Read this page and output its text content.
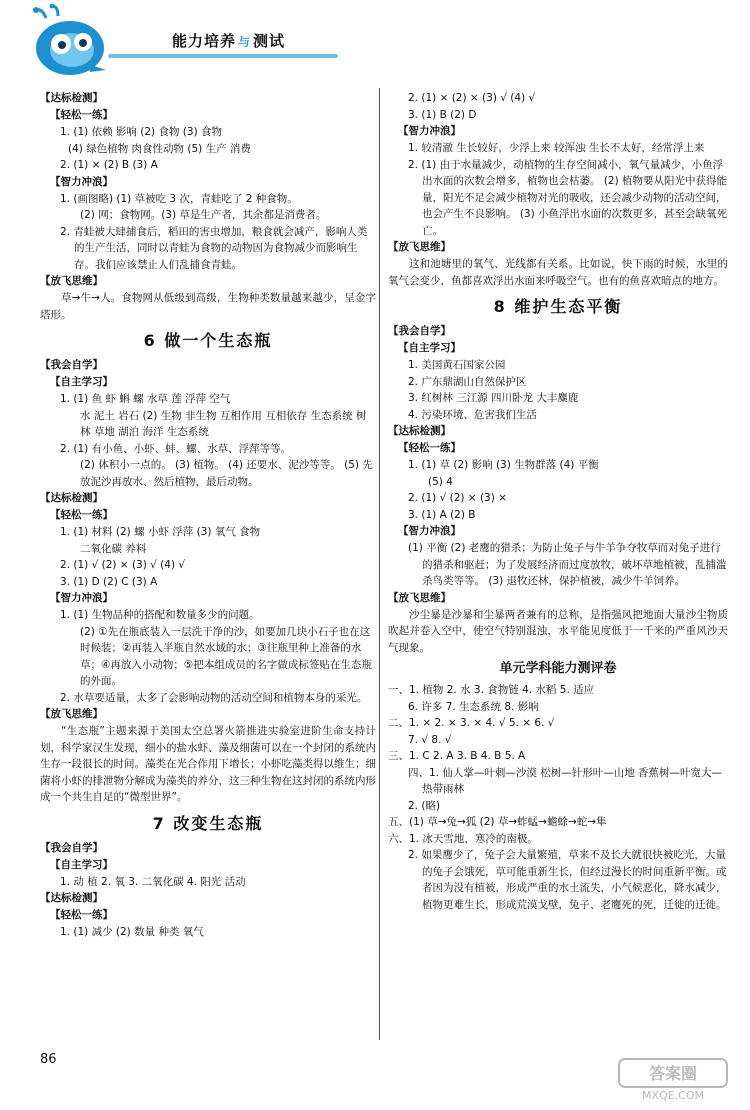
能力培养 与 测试
【达标检测】
【轻松一练】
1. (1) 依赖 影响 (2) 食物 (3) 食物
(4) 绿色植物 肉食性动物 (5) 生产 消费
2. (1) × (2) B (3) A
【智力冲浪】
1. (画图略) (1) 草被吃 3 次，青蛙吃了 2 种食物。
(2) 网；食物网。(3) 草是生产者，其余都是消费者。
2. 青蛙被大肆捕食后，稻田的害虫增加，粮食就会减产，影响人类的生产生活，同时以青蛙为食物的动物因为食物减少而影响生存。我们应该禁止人们乱捕食青蛙。
【放飞思维】
草→牛→人。食物网从低级到高级，生物种类数量越来越少，呈金字塔形。
6 做一个生态瓶
【我会自学】
【自主学习】
1. (1) 鱼 虾 蝌 螺 水草 莲 浮萍 空气
水 泥土 岩石 (2) 生物 非生物 互相作用 互相依存 生态系统 树林 草地 湖泊 海洋 生态系统
2. (1) 有小鱼、小虾、蚌、螺、水草、浮萍等等。
(2) 体积小一点的。 (3) 植物。 (4) 还要水、泥沙等等。 (5) 先放泥沙再放水、然后植物，最后动物。
【达标检测】
【轻松一练】
1. (1) 材料 (2) 螺 小虾 浮萍 (3) 氧气 食物
二氧化碳 养料
2. (1) √ (2) × (3) √ (4) √
3. (1) D (2) C (3) A
【智力冲浪】
1. (1) 生物品种的搭配和数量多少的问题。
(2) ①先在瓶底装入一层洗干净的沙，如要加几块小石子也在这时候装；②再装入半瓶自然水域的水；③往瓶里种上准备的水草；④再放入小动物；⑤把本组成员的名字做成标签贴在生态瓶的外面。
2. 水草要适量，太多了会影响动物的活动空间和植物本身的采光。
【放飞思维】
“生态瓶”主题来源于美国太空总署火箭推进实验室进阶生命支持计划，科学家汉生发现，细小的盐水虾、藻及细菌可以在一个封闭的系统内生存一段很长的时间。藻类在光合作用下增长；小虾吃藻类得以维生；细菌将小虾的排泄物分解成为藻类的养分，这三种生物在这封闭的系统内形成一个共生自足的“微型世界”。
7 改变生态瓶
【我会自学】
【自主学习】
1. 动 植 2. 氧 3. 二氧化碳 4. 阳光 活动
【达标检测】
【轻松一练】
1. (1) 减少 (2) 数量 种类 氧气
2. (1) × (2) × (3) √ (4) √
3. (1) B (2) D
【智力冲浪】
1. 较清澈 生长较好，少浮上来 较浑浊 生长不太好，经常浮上来
2. (1) 由于水量减少，动植物的生存空间减小，氧气量减少，小鱼浮出水面的次数会增多，植物也会枯萎。 (2) 植物要从阳光中获得能量，阳光不足会减少植物对光的吸收，还会减少动物的活动空间，也会产生不良影响。 (3) 小鱼浮出水面的次数更多，甚至会缺氧死亡。
【放飞思维】
这和池塘里的氧气、光线都有关系。比如说，快下雨的时候，水里的氧气会变少，鱼都喜欢浮出水面来呼吸空气。也有的鱼喜欢暗点的地方。
8 维护生态平衡
【我会自学】
【自主学习】
1. 美国黄石国家公园
2. 广东鼎湖山自然保护区
3. 红树林 三江源 四川卧龙 大丰麋鹿
4. 污染环境、危害我们生活
【达标检测】
【轻松一练】
1. (1) 草 (2) 影响 (3) 生物群落 (4) 平衡
(5) 4
2. (1) √ (2) × (3) ×
3. (1) A (2) B
【智力冲浪】
(1) 平衡 (2) 老鹰的猎杀；为防止兔子与牛羊争夺牧草而对兔子进行的猎杀和驱赶；为了发展经济而过度放牧，破坏草地植被，乱捕滥杀鸟类等等。 (3) 退牧还林，保护植被，减少牛羊饲养。
【放飞思维】
沙尘暴是沙暴和尘暴两者兼有的总称，是指强风把地面大量沙尘物质吹起并卷入空中，使空气特别混浊，水平能见度低于一千米的严重风沙天气现象。
单元学科能力测评卷
一、1. 植物 2. 水 3. 食物链 4. 水稻 5. 适应
6. 许多 7. 生态系统 8. 影响
二、1. × 2. × 3. × 4. √ 5. × 6. √
7. √ 8. √
三、1. C 2. A 3. B 4. B 5. A
四、1. 仙人掌—叶刺—沙漠 松树—针形叶—山地 香蕉树—叶宽大—热带雨林
2. (略)
五、(1) 草→兔→狐 (2) 草→蚱蜢→蟾蜍→蛇→隼
六、1. 冰天雪地，寒冷的南极。
2. 如果鹰少了，兔子会大量繁殖，草来不及长大就很快被吃光，大量的兔子会饿死，草可能重新生长，但经过漫长的时间重新平衡。或者因为没有植被，形成严重的水土流失，小气候恶化，降水减少，植物更难生长，形成荒漠戈壁，兔子、老鹰死的死，迁徙的迁徙。
86
答案圈
MXQE.COM
